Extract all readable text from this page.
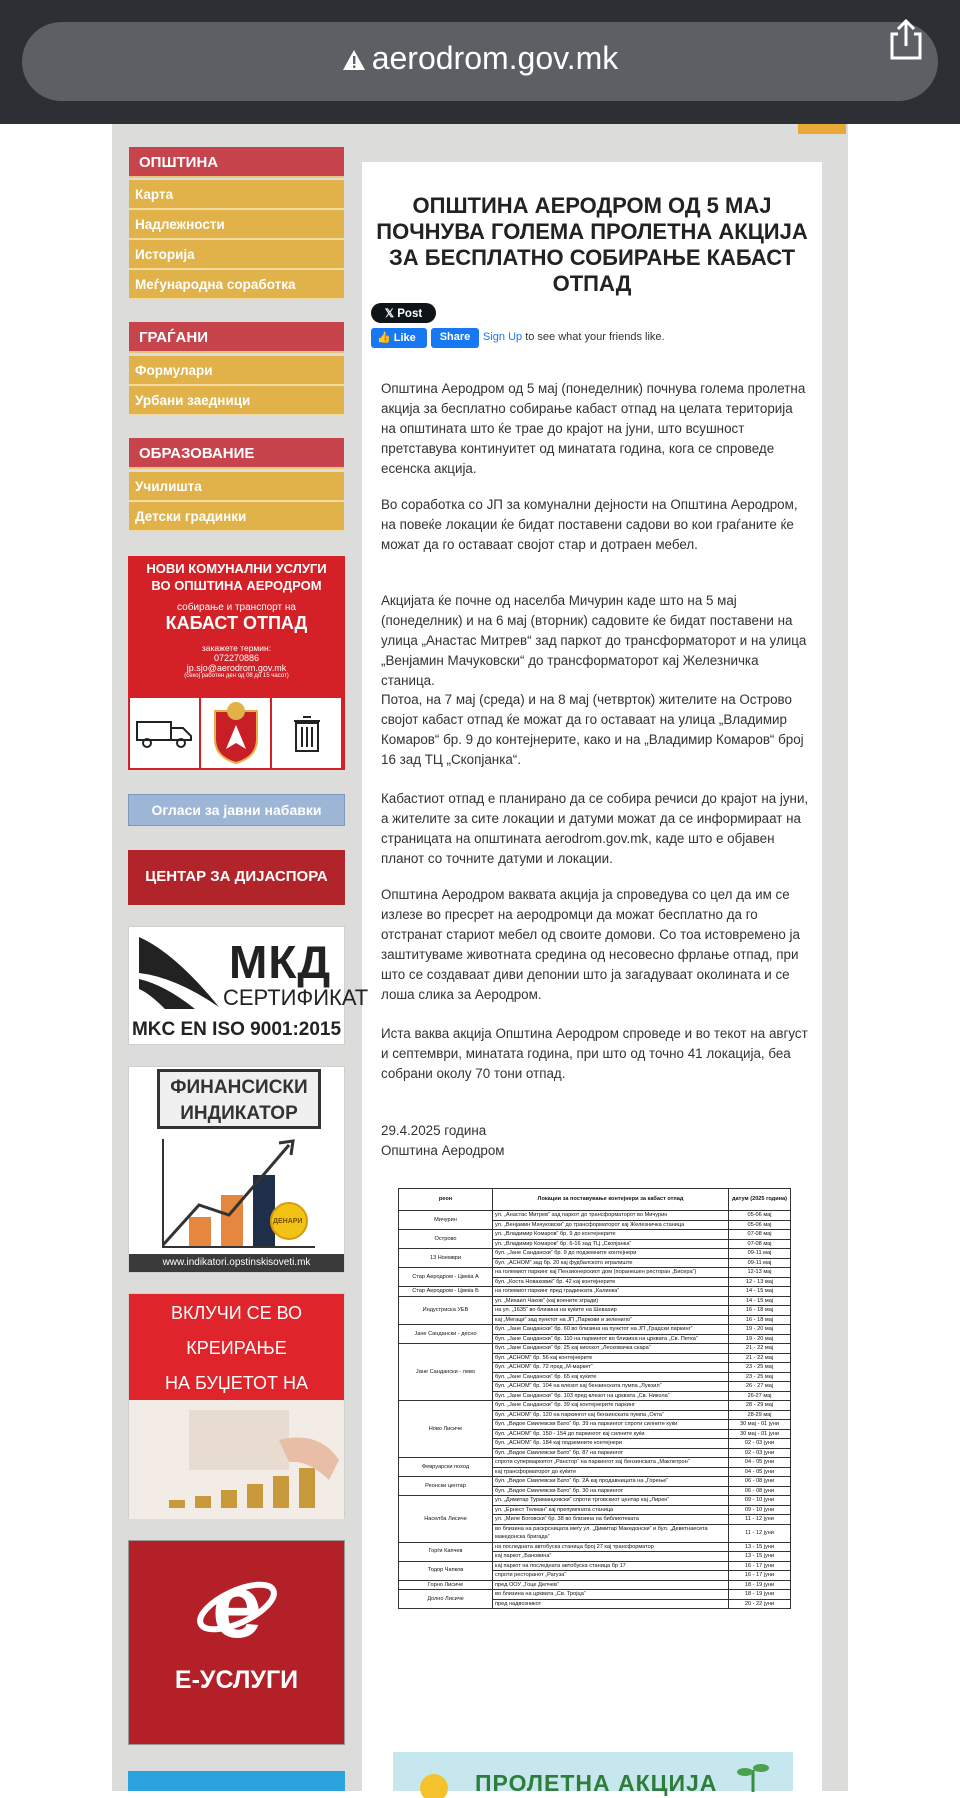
aerodrom.gov.mk
ОПШТИНА
Карта
Надлежности
Историја
Меѓународна соработка
ГРАЃАНИ
Формулари
Урбани заедници
ОБРАЗОВАНИЕ
Училишта
Детски градинки
НОВИ КОМУНАЛНИ УСЛУГИ
ВО ОПШТИНА АЕРОДРОМ
собирање и транспорт на
КАБАСТ ОТПАД
закажете термин:
072270886
jp.sjo@aerodrom.gov.mk
(секој работен ден од 08 до 15 часот)
Огласи за јавни набавки
ЦЕНТАР ЗА ДИЈАСПОРА
МКД
СЕРТИФИКАТ
MKC EN ISO 9001:2015
ФИНАНСИСКИ
ИНДИКАТОР
ДЕНАРИ
www.indikatori.opstinskisoveti.mk
ВКЛУЧИ СЕ ВО КРЕИРАЊЕ
НА БУЏЕТОТ НА
e
Е-УСЛУГИ
ОПШТИНА АЕРОДРОМ ОД 5 МАЈ ПОЧНУВА ГОЛЕМА ПРОЛЕТНА АКЦИЈА ЗА БЕСПЛАТНО СОБИРАЊЕ КАБАСТ ОТПАД
𝕏 Post
👍 Like	Share	Sign Up to see what your friends like.
Општина Аеродром од 5 мај (понеделник) почнува голема пролетна акција за бесплатно собирање кабаст отпад на целата територија на општината што ќе трае до крајот на јуни, што всушност претставува континуитет од минатата година, кога се спроведе есенска акција.
Во соработка со ЈП за комунални дејности на Општина Аеродром, на повеќе локации ќе бидат поставени садови во кои граѓаните ќе можат да го оставаат својот стар и дотраен мебел.
Акцијата ќе почне од населба Мичурин каде што на 5 мај (понеделник) и на 6 мај (вторник) садовите ќе бидат поставени на улица „Анастас Митрев“ зад паркот до трансформаторот и на улица „Венјамин Мачуковски“ до трансформаторот кај Железничка станица.
Потоа, на 7 мај (среда) и на 8 мај (четврток) жителите на Острово својот кабаст отпад ќе можат да го оставаат на улица „Владимир Комаров“ бр. 9 до контејнерите, како и на „Владимир Комаров“ број 16 зад ТЦ „Скопјанка“.
Кабастиот отпад е планирано да се собира речиси до крајот на јуни, а жителите за сите локации и датуми можат да се информираат на страницата на општината aerodrom.gov.mk, каде што е објавен планот со точните датуми и локации.
Општина Аеродром ваквата акција ја спроведува со цел да им се излезе во пресрет на аеродромци да можат бесплатно да го отстранат стариот мебел од своите домови. Со тоа истовремено ја заштитуваме животната средина од несовесно фрлање отпад, при што се создаваат диви депонии што ја загадуваат околината и се лоша слика за Аеродром.
Иста ваква акција Општина Аеродром спроведе и во текот на август и септември, минатата година, при што од точно 41 локација, беа собрани околу 70 тони отпад.
29.4.2025 година
Општина Аеродром
реон	Локации за поставување контејнери за кабаст отпад	датум (2025 година)
Мичурин	ул. „Анастас Митрев“ зад паркот до трансформаторот во Мичурин	05-06 мај
	ул. „Венјамин Мачуковски“ до трансформаторот кај Железничка станица	05-06 мај
Острово	ул. „Владимир Комаров“ бр. 9 до контејнерите	07-08 мај
	ул. „Владимир Комаров“ бр. 6-16 зад ТЦ „Скопјанка“	07-08 мај
13 Ноември	бул. „Јане Сандански“ бр. 9 до подземните контејнери	09-11 мај
	бул. „АСНОМ“ зад бр. 20 кај фудбалското игралиште	09-11 мај
Стар Аеродром - Цвеќа А	на големиот паркинг кај Пензионерскиот дом (поранешен ресторан „Бисера“)	12-13 мај
	бул. „Коста Новаковиќ“ бр. 42 кај контејнерите	12 - 13 мај
Стар Аеродром - Цвеќа Б	на големиот паркинг пред градинката „Калинка“	14 - 15 мај
Индустриска УЕВ	ул. „Михаил Чаков“ (кај воените згради)	14 - 15 мај
	на ул. „1635“ во близина на куќите на Шевахир	16 - 18 мај
	кај „Мегаци“ зад пунктот на ЈП „Паркови и зеленило“	16 - 18 мај
Јане Сандански - десно	бул. „Јане Сандански“ бр. 60 во близина на пунктот на ЈП „Градски паркинг“	19 - 20 мај
	бул. „Јане Сандански“ бр. 110 на паркингот во близина на црквата „Св. Петка“	19 - 20 мај
Јане Сандански - лево	бул. „Јане Сандански“ бр. 25 кај киоскот „Лесковачка скара“	21 - 22 мај
	бул. „АСНОМ“ бр. 56 кај контејнерите	21 - 22 мај
	бул. „АСНОМ“ бр. 72 пред „М-маркет“	23 - 25 мај
	бул. „Јане Сандански“ бр. 65 кај куќите	23 - 25 мај
	бул. „АСНОМ“ бр. 104 на влезот кај бензинската пумпа „Лукоил“	26 - 27 мај
	бул. „Јане Сандански“ бр. 103 пред влезот на црквата „Св. Никола“	26-27 мај
Ново Лисиче	бул. „Јане Сандански“ бр. 39 кај контејнерите паркинг	28 - 29 мај
	бул. „АСНОМ“ бр. 120 на паркингот кај бензинската пумпа „Окта“	28-29 мај
	бул. „Видое Смилевски Бато“ бр. 39 на паркингот спроти силните куќи	30 мај - 01 јуни
	бул. „АСНОМ“ бр. 150 - 154 до паркингот кај силните куќи	30 мај - 01 јуни
	бул. „АСНОМ“ бр. 184 кај подземните контејнери	02 - 03 јуни
	бул. „Видое Смилевски Бато“ бр. 87 на паркингот	02 - 03 јуни
Февруарски поход	спроти супермаркетот „Ранстор“ на паркингот кај бензинската „Маклетрон“	04 - 05 јуни
	кај трансформаторот до куќите	04 - 05 јуни
Реонски центар	бул. „Видое Смилевски Бато“ бр. 2А кај продавницата на „Горење“	06 - 08 јуни
	бул. „Видое Смилевски Бато“ бр. 30 на паркингот	06 - 08 јуни
Населба Лисиче	ул. „Димитар Туриманџовски“ спроти трговскиот центар кај „Лирен“	09 - 10 јуни
	ул. „Ернест Телман“ кај препумпната станица	09 - 10 јуни
	ул. „Миле Боговски“ бр. 38 во близина на библиотеката	11 - 12 јуни
	во близина на раскрсницата меѓу ул. „Димитар Македонски“ и бул. „Деветнаесета македонска бригада“	11 - 12 јуни
Горѓи Капчев	на последната автобуска станица број 27 кај трансформатор	13 - 15 јуни
	кај паркот „Бановина“	13 - 15 јуни
Тодор Чапков	кај паркот на последната автобуска станица бр 17	16 - 17 јуни
	спроти ресторанот „Рагуза“	16 - 17 јуни
Горно Лисиче	пред ООУ „Гоце Делчев“	18 - 19 јуни
Долно Лисиче	во близина на црквата „Св. Тројца“	18 - 19 јуни
	пред надвозникот	20 - 22 јуни
ПРОЛЕТНА АКЦИЈА
